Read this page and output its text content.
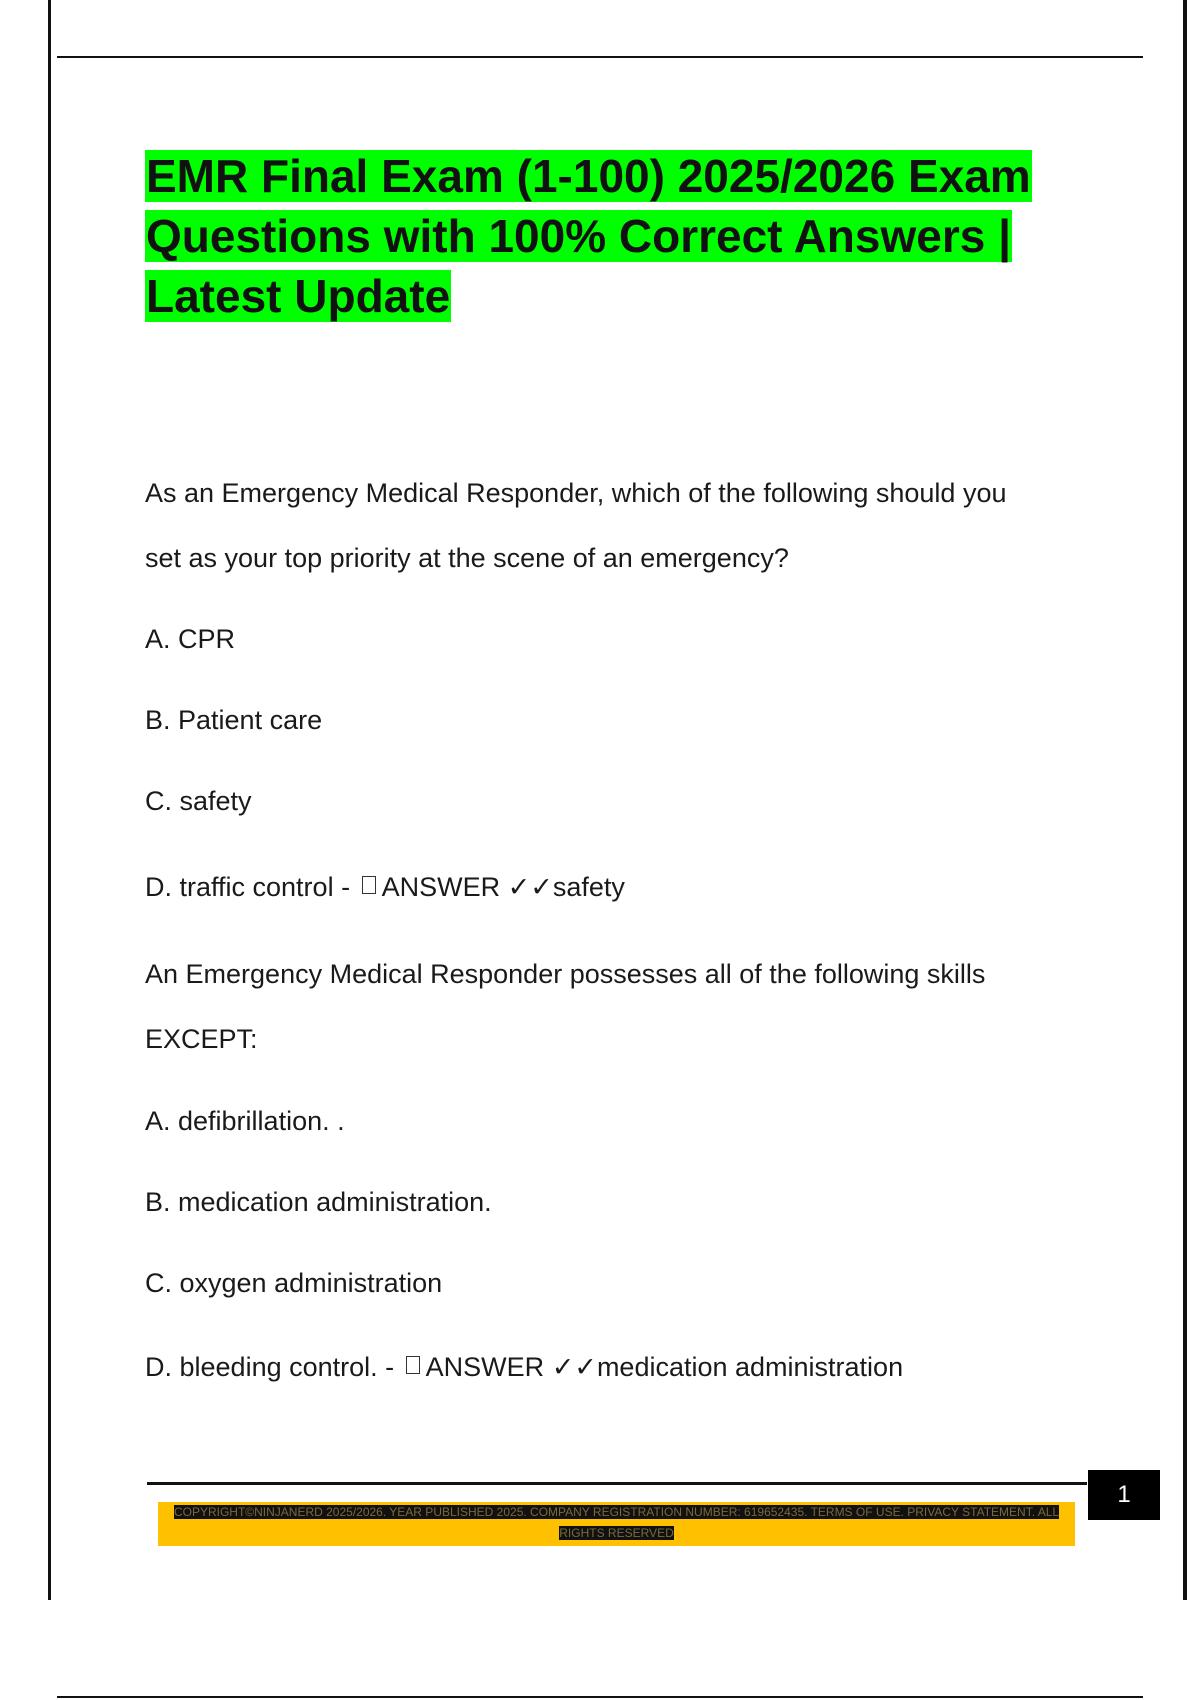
EMR Final Exam (1-100) 2025/2026 Exam Questions with 100% Correct Answers | Latest Update
As an Emergency Medical Responder, which of the following should you
set as your top priority at the scene of an emergency?
A. CPR
B. Patient care
C. safety
D. traffic control - ANSWER ✓✓safety
An Emergency Medical Responder possesses all of the following skills
EXCEPT:
A. defibrillation. .
B. medication administration.
C. oxygen administration
D. bleeding control. - ANSWER ✓✓medication administration
1
COPYRIGHT©NINJANERD 2025/2026. YEAR PUBLISHED 2025. COMPANY REGISTRATION NUMBER: 619652435. TERMS OF USE. PRIVACY STATEMENT. ALL RIGHTS RESERVED
